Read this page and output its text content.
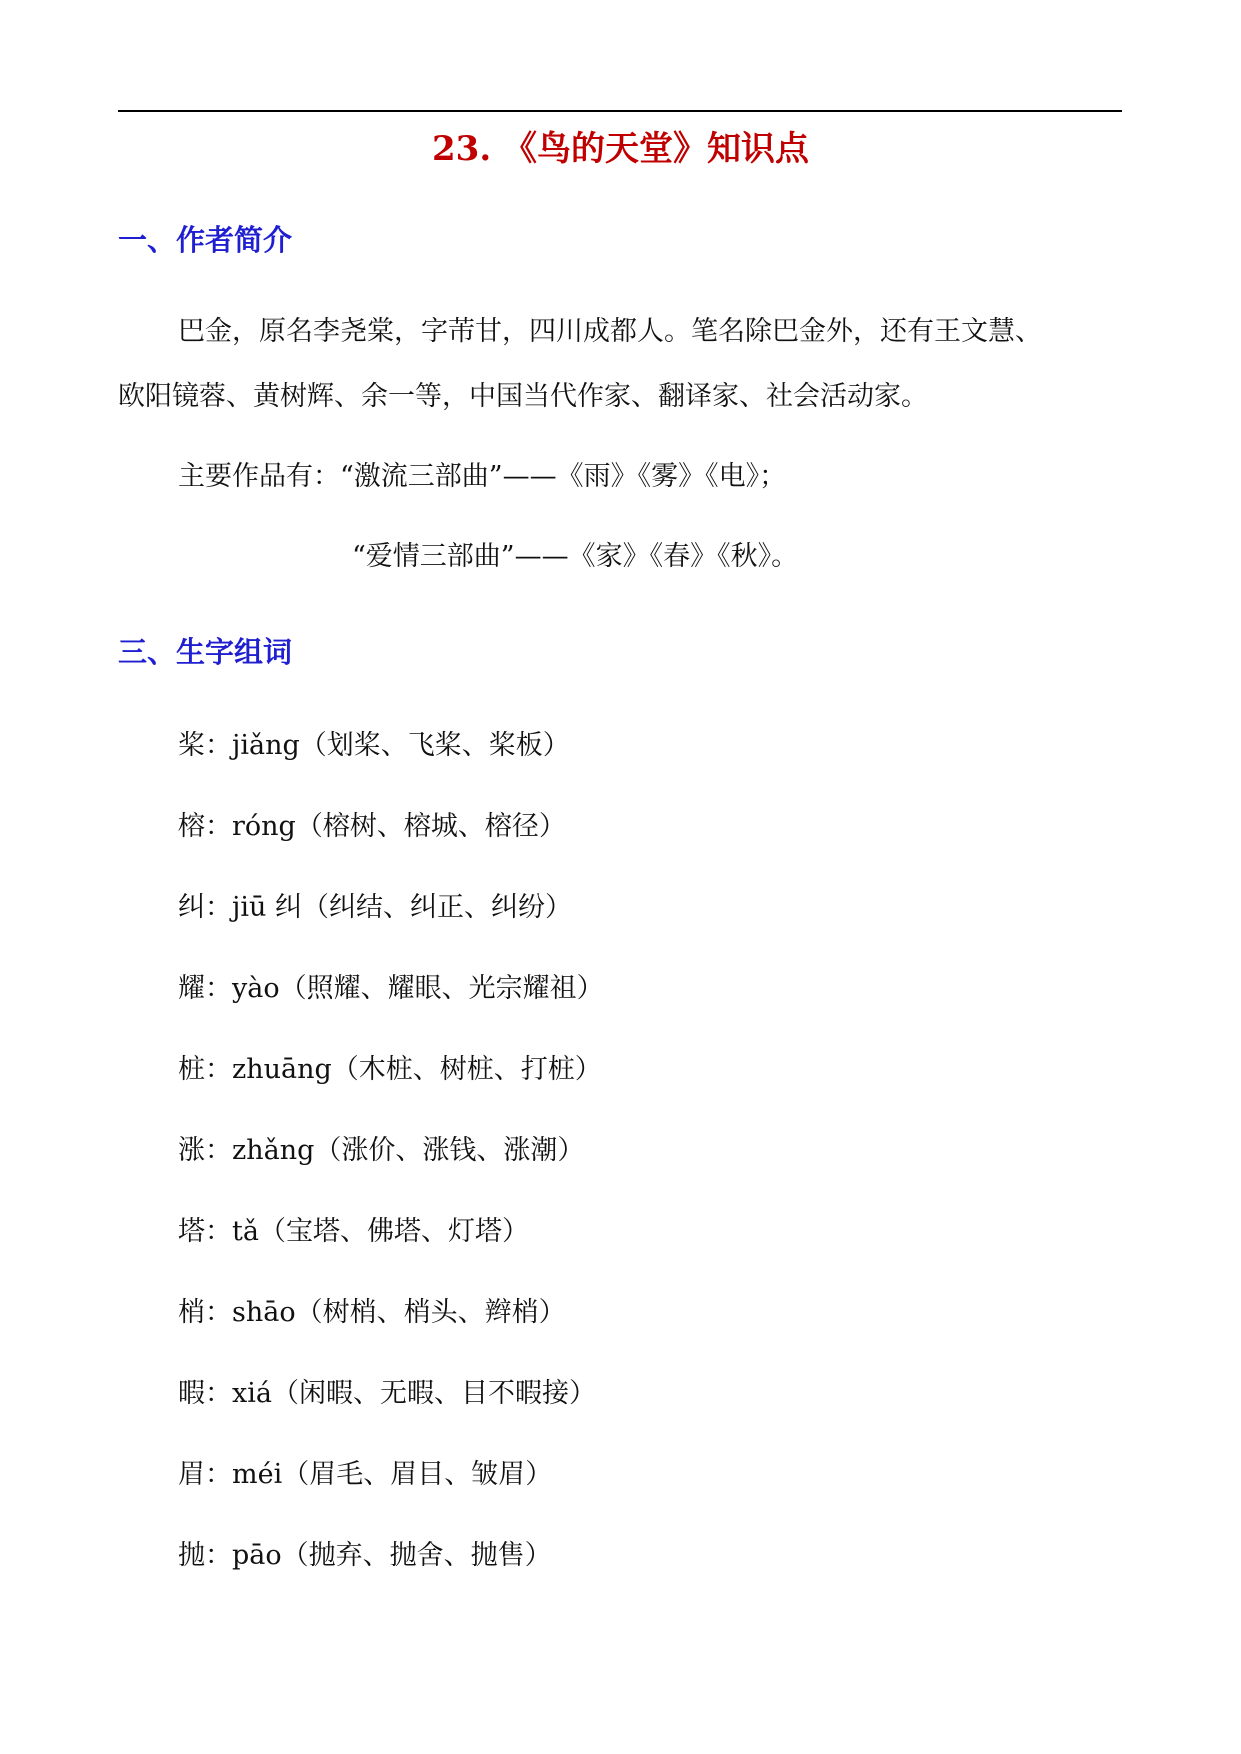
23. 《鸟的天堂》知识点
一、作者简介
巴金，原名李尧棠，字芾甘，四川成都人。笔名除巴金外，还有王文慧、
欧阳镜蓉、黄树辉、余一等，中国当代作家、翻译家、社会活动家。
主要作品有：“激流三部曲”——《雨》《雾》《电》；
“爱情三部曲”——《家》《春》《秋》。
三、生字组词
桨：jiǎng（划桨、飞桨、桨板）
榕：róng（榕树、榕城、榕径）
纠：jiū 纠（纠结、纠正、纠纷）
耀：yào（照耀、耀眼、光宗耀祖）
桩：zhuāng（木桩、树桩、打桩）
涨：zhǎng（涨价、涨钱、涨潮）
塔：tǎ（宝塔、佛塔、灯塔）
梢：shāo（树梢、梢头、辫梢）
暇：xiá（闲暇、无暇、目不暇接）
眉：méi（眉毛、眉目、皱眉）
抛：pāo（抛弃、抛舍、抛售）
